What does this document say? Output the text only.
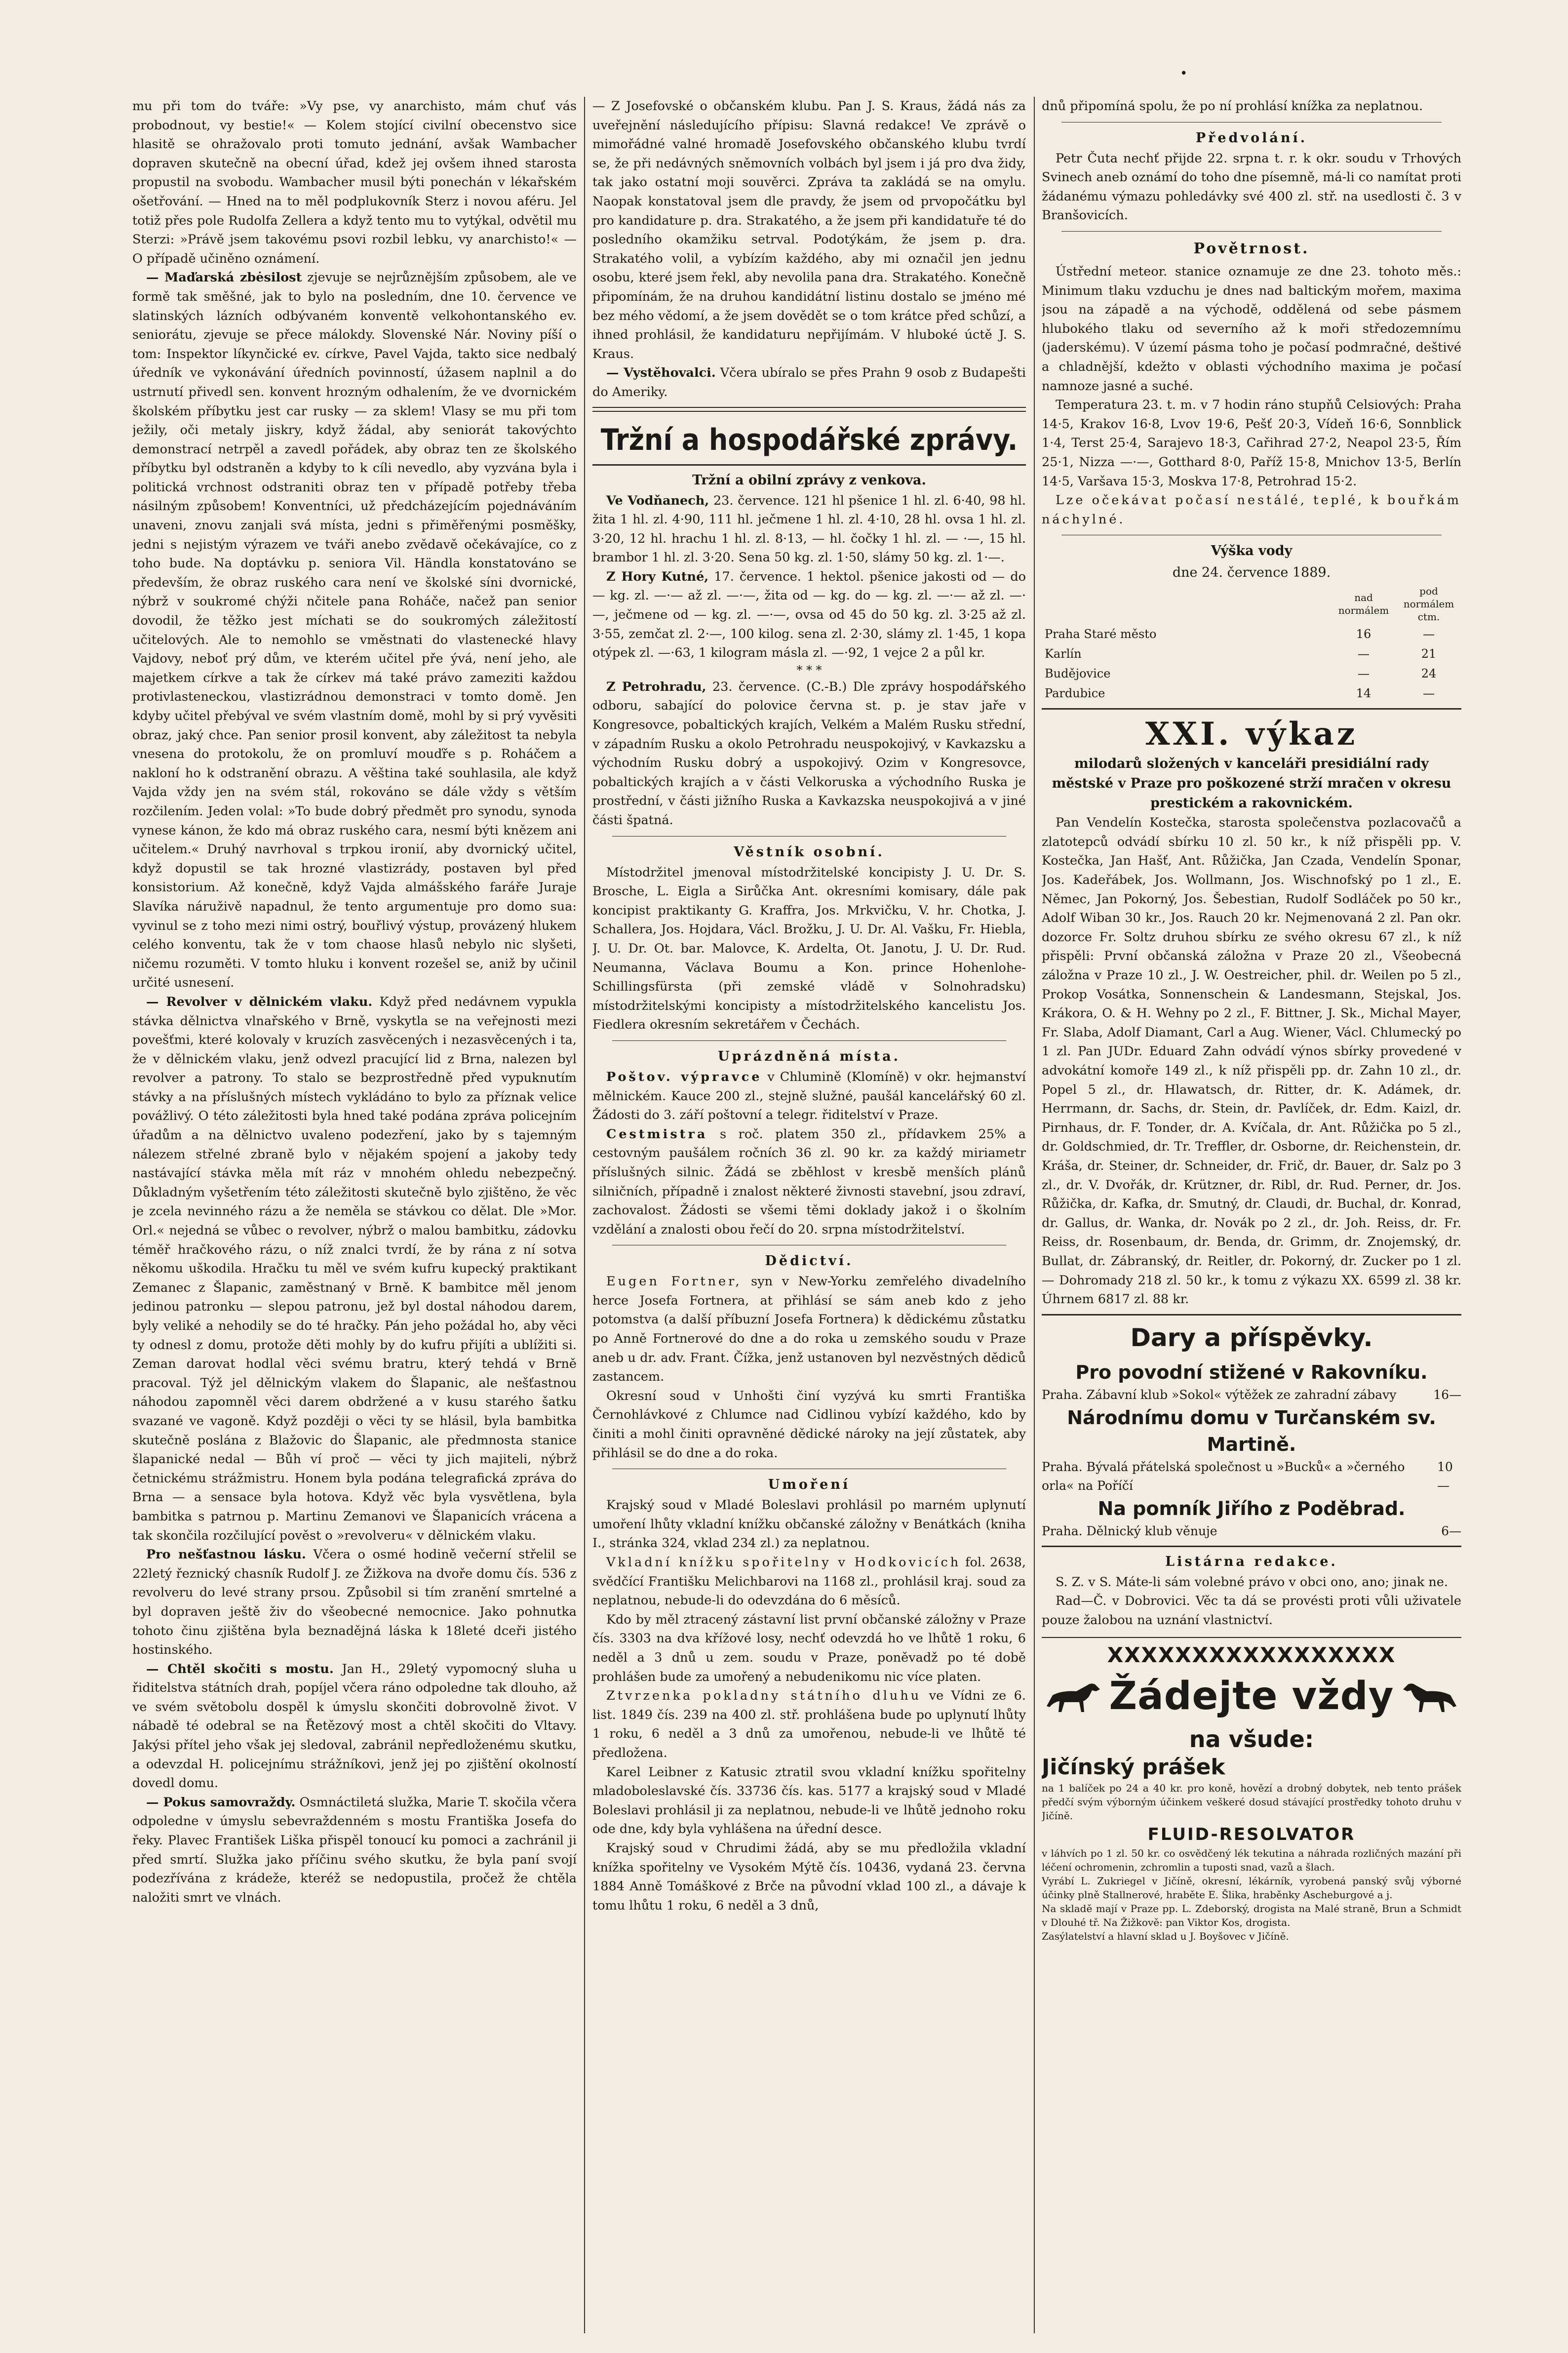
•

mu při tom do tváře: »Vy pse, vy anarchisto, mám chuť vás probodnout, vy bestie!« — Kolem stojící civilní obecenstvo sice hlasitě se ohražovalo proti tomuto jednání, avšak Wambacher dopraven skutečně na obecní úřad, kdež jej ovšem ihned starosta propustil na svobodu. Wambacher musil býti ponechán v lékařském ošetřování. — Hned na to měl podplukovník Sterz i novou aféru. Jel totiž přes pole Rudolfa Zellera a když tento mu to vytýkal, odvětil mu Sterzi: »Právě jsem takovému psovi rozbil lebku, vy anarchisto!« — O případě učiněno oznámení.

— Maďarská zbėsilost zjevuje se nejrůznějším způsobem, ale ve formě tak směšné, jak to bylo na posledním, dne 10. července ve slatinských lázních odbývaném konventě velkohontanského ev. seniorátu, zjevuje se přece málokdy. Slovenské Nár. Noviny píší o tom: Inspektor líkynčické ev. církve, Pavel Vajda, takto sice nedbalý úředník ve vykonávání úředních povinností, úžasem naplnil a do ustrnutí přivedl sen. konvent hrozným odhalením, že ve dvornickém školském příbytku jest car rusky — za sklem! Vlasy se mu při tom ježily, oči metaly jiskry, když žádal, aby seniorát takovýchto demonstrací netrpěl a zavedl pořádek, aby obraz ten ze školského příbytku byl odstraněn a kdyby to k cíli nevedlo, aby vyzvána byla i politická vrchnost odstraniti obraz ten v případě potřeby třeba násilným způsobem! Konventníci, už předcházejícím pojednáváním unaveni, znovu zanjali svá místa, jedni s přiměřenými posměšky, jedni s nejistým výrazem ve tváři anebo zvědavě očekávajíce, co z toho bude. Na doptávku p. seniora Vil. Händla konstatováno se především, že obraz ruského cara není ve školské síni dvornické, nýbrž v soukromé chýži nčitele pana Roháče, načež pan senior dovodil, že těžko jest míchati se do soukromých záležitostí učitelových. Ale to nemohlo se vměstnati do vlastenecké hlavy Vajdovy, neboť prý dům, ve kterém učitel pře ývá, není jeho, ale majetkem církve a tak že církev má také právo zameziti každou protivlasteneckou, vlastizrádnou demonstraci v tomto domě. Jen kdyby učitel přebýval ve svém vlastním domě, mohl by si prý vyvěsiti obraz, jaký chce. Pan senior prosil konvent, aby záležitost ta nebyla vnesena do protokolu, že on promluví mouďře s p. Roháčem a nakloní ho k odstranění obrazu. A věština také souhlasila, ale když Vajda vždy jen na svém stál, rokováno se dále vždy s větším rozčilením. Jeden volal: »To bude dobrý předmět pro synodu, synoda vynese kánon, že kdo má obraz ruského cara, nesmí býti knězem ani učitelem.« Druhý navrhoval s trpkou ironií, aby dvornický učitel, když dopustil se tak hrozné vlastizrády, postaven byl před konsistorium. Až konečně, když Vajda almášského faráře Juraje Slavíka náruživě napadnul, že tento argumentuje pro domo sua: vyvinul se z toho mezi nimi ostrý, bouřlivý výstup, provázený hlukem celého konventu, tak že v tom chaose hlasů nebylo nic slyšeti, ničemu rozuměti. V tomto hluku i konvent rozešel se, aniž by učinil určité usnesení.

— Revolver v dělnickém vlaku. Když před nedávnem vypukla stávka dělnictva vlnařského v Brně, vyskytla se na veřejnosti mezi povešťmi, které kolovaly v kruzích zasvěcených i nezasvěcených i ta, že v dělnickém vlaku, jenž odvezl pracující lid z Brna, nalezen byl revolver a patrony. To stalo se bezprostředně před vypuknutím stávky a na příslušných místech vykládáno to bylo za příznak velice povážlivý. O této záležitosti byla hned také podána zpráva policejním úřadům a na dělnictvo uvaleno podezření, jako by s tajemným nálezem střelné zbraně bylo v nějakém spojení a jakoby tedy nastávající stávka měla mít ráz v mnohém ohledu nebezpečný. Důkladným vyšetřením této záležitosti skutečně bylo zjištěno, že věc je zcela nevinného rázu a že neměla se stávkou co dělat. Dle »Mor. Orl.« nejedná se vůbec o revolver, nýbrž o malou bambitku, zádovku téměř hračkového rázu, o níž znalci tvrdí, že by rána z ní sotva někomu uškodila. Hračku tu měl ve svém kufru kupecký praktikant Zemanec z Šlapanic, zaměstnaný v Brně. K bambitce měl jenom jedinou patronku — slepou patronu, jež byl dostal náhodou darem, byly veliké a nehodily se do té hračky. Pán jeho požádal ho, aby věci ty odnesl z domu, protože děti mohly by do kufru přijíti a ublížiti si. Zeman darovat hodlal věci svému bratru, který tehdá v Brně pracoval. Týž jel dělnickým vlakem do Šlapanic, ale nešťastnou náhodou zapomněl věci darem obdržené a v kusu starého šatku svazané ve vagoně. Když později o věci ty se hlásil, byla bambitka skutečně poslána z Blažovic do Šlapanic, ale předmnosta stanice šlapanické nedal — Bůh ví proč — věci ty jich majiteli, nýbrž četnickému strážmistru. Honem byla podána telegrafická zpráva do Brna — a sensace byla hotova. Když věc byla vysvětlena, byla bambitka s patrnou p. Martinu Zemanovi ve Šlapanicích vrácena a tak skončila rozčilující pověst o »revolveru« v dělnickém vlaku.

Pro nešťastnou lásku. Včera o osmé hodině večerní střelil se 22letý řeznický chasník Rudolf J. ze Žižkova na dvoře domu čís. 536 z revolveru do levé strany prsou. Způsobil si tím zranění smrtelné a byl dopraven ještě živ do všeobecné nemocnice. Jako pohnutka tohoto činu zjištěna byla beznadějná láska k 18leté dceři jistého hostinského.

— Chtěl skočiti s mostu. Jan H., 29letý vypomocný sluha u řiditelstva státních drah, popíjel včera ráno odpoledne tak dlouho, až ve svém světobolu dospěl k úmyslu skončiti dobrovolně život. V nábadě té odebral se na Řetězový most a chtěl skočiti do Vltavy. Jakýsi přítel jeho však jej sledoval, zabránil nepředloženému skutku, a odevzdal H. policejnímu strážníkovi, jenž jej po zjištění okolností dovedl domu.

— Pokus samovraždy. Osmnáctiletá služka, Marie T. skočila včera odpoledne v úmyslu sebevraždenném s mostu Františka Josefa do řeky. Plavec František Liška přispěl tonoucí ku pomoci a zachránil ji před smrtí. Služka jako příčinu svého skutku, že byla paní svojí podezřívána z krádeže, kteréž se nedopustila, pročež že chtěla naložiti smrt ve vlnách.

— Z Josefovské o občanském klubu. Pan J. S. Kraus, žádá nás za uveřejnění následujícího přípisu: Slavná redakce! Ve zprávě o mimořádné valné hromadě Josefovského občanského klubu tvrdí se, že při nedávných sněmovních volbách byl jsem i já pro dva židy, tak jako ostatní moji souvěrci. Zpráva ta zakládá se na omylu. Naopak konstatoval jsem dle pravdy, že jsem od prvopočátku byl pro kandidature p. dra. Strakatého, a že jsem při kandidatuře té do posledního okamžiku setrval. Podotýkám, že jsem p. dra. Strakatého volil, a vybízím každého, aby mi označil jen jednu osobu, které jsem řekl, aby nevolila pana dra. Strakatého. Konečně připomínám, že na druhou kandidátní listinu dostalo se jméno mé bez mého vědomí, a že jsem dovědět se o tom krátce před schůzí, a ihned prohlásil, že kandidaturu nepřijímám. V hluboké úctě J. S. Kraus.

— Vystěhovalci. Včera ubíralo se přes Prahn 9 osob z Budapešti do Ameriky.

Tržní a hospodářské zprávy.
Tržní a obilní zprávy z venkova.

Ve Vodňanech, 23. července. 121 hl pšenice 1 hl. zl. 6·40, 98 hl. žita 1 hl. zl. 4·90, 111 hl. ječmene 1 hl. zl. 4·10, 28 hl. ovsa 1 hl. zl. 3·20, 12 hl. hrachu 1 hl. zl. 8·13, — hl. čočky 1 hl. zl. — ·—, 15 hl. brambor 1 hl. zl. 3·20. Sena 50 kg. zl. 1·50, slámy 50 kg. zl. 1·—.

Z Hory Kutné, 17. července. 1 hektol. pšenice jakosti od — do — kg. zl. —·— až zl. —·—, žita od — kg. do — kg. zl. —·— až zl. —·—, ječmene od — kg. zl. —·—, ovsa od 45 do 50 kg. zl. 3·25 až zl. 3·55, zemčat zl. 2·—, 100 kilog. sena zl. 2·30, slámy zl. 1·45, 1 kopa otýpek zl. —·63, 1 kilogram másla zl. —·92, 1 vejce 2 a půl kr.

* * *

Z Petrohradu, 23. července. (C.-B.) Dle zprávy hospodářského odboru, sabající do polovice června st. p. je stav jaře v Kongresovce, pobaltických krajích, Velkém a Malém Rusku střední, v západním Rusku a okolo Petrohradu neuspokojivý, v Kavkazsku a východním Rusku dobrý a uspokojivý. Ozim v Kongresovce, pobaltických krajích a v části Velkoruska a východního Ruska je prostřední, v části jižního Ruska a Kavkazska neuspokojivá a v jiné části špatná.

Věstník osobní.

Místodržitel jmenoval místodržitelské koncipisty J. U. Dr. S. Broschе, L. Eigla a Sirůčka Ant. okresními komisary, dále pak koncipist praktikanty G. Kraffra, Jos. Mrkvičku, V. hr. Chotka, J. Schallera, Jos. Hojdara, Václ. Brožku, J. U. Dr. Al. Vašku, Fr. Hiebla, J. U. Dr. Ot. bar. Malovce, K. Ardelta, Ot. Janotu, J. U. Dr. Rud. Neumanna, Václava Boumu a Kon. prince Hohenlohe-Schillingsfürsta (při zemské vládě v Solnohradsku) místodržitelskými koncipisty a místodržitelského kancelistu Jos. Fiedlera okresním sekretářem v Čechách.

Uprázdněná místa.

Poštov. výpravce v Chlumině (Klomíně) v okr. hejmanství mělnickém. Kauce 200 zl., stejně služné, paušál kancelářský 60 zl. Žádosti do 3. září poštovní a telegr. řiditelství v Praze.

Cestmistra s roč. platem 350 zl., přídavkem 25% a cestovným paušálem ročních 36 zl. 90 kr. za každý miriametr příslušných silnic. Žádá se zběhlost v kresbě menších plánů silničních, případně i znalost některé živnosti stavební, jsou zdraví, zachovalost. Žádosti se všemi těmi doklady jakož i o školním vzdělání a znalosti obou řečí do 20. srpna místodržitelství.

Dědictví.

Eugen Fortner, syn v New-Yorku zemřelého divadelního herce Josefa Fortnera, at přihlásí se sám aneb kdo z jeho potomstva (a další příbuzní Josefa Fortnera) k dědickému zůstatku po Anně Fortnerové do dne a do roka u zemského soudu v Praze aneb u dr. adv. Frant. Čížka, jenž ustanoven byl nezvěstných dědiců zastancem.

Okresní soud v Unhošti činí vyzývá ku smrti Františka Černohlávkové z Chlumce nad Cidlinou vybízí každého, kdo by činiti a mohl činiti opravněné dědické nároky na její zůstatek, aby přihlásil se do dne a do roka.

Umoření

Krajský soud v Mladé Boleslavi prohlásil po marném uplynutí umoření lhůty vkladní knížku občanské záložny v Benátkách (kniha I., stránka 324, vklad 234 zl.) za neplatnou.

Vkladní knížku spořitelny v Hodkovicích fol. 2638, svědčící Františku Melichbarovi na 1168 zl., prohlásil kraj. soud za neplatnou, nebude-li do odevzdána do 6 měsíců.

Kdo by měl ztracený zástavní list první občanské záložny v Praze čís. 3303 na dva křížové losy, nechť odevzdá ho ve lhůtě 1 roku, 6 neděl a 3 dnů u zem. soudu v Praze, poněvadž po té době prohlášen bude za umořený a nebudenikomu nic více platen.

Ztvrzenka pokladny státního dluhu ve Vídni ze 6. list. 1849 čís. 239 na 400 zl. stř. prohlášena bude po uplynutí lhůty 1 roku, 6 neděl a 3 dnů za umořenou, nebude-li ve lhůtě té předložena.

Karel Leibner z Katusic ztratil svou vkladní knížku spořitelny mladoboleslavské čís. 33736 čís. kas. 5177 a krajský soud v Mladé Boleslavi prohlásil ji za neplatnou, nebude-li ve lhůtě jednoho roku ode dne, kdy byla vyhlášena na úřední desce.

Krajský soud v Chrudimi žádá, aby se mu předložila vkladní knížka spořitelny ve Vysokém Mýtě čís. 10436, vydaná 23. června 1884 Anně Tomáškové z Brče na původní vklad 100 zl., a dávaje k tomu lhůtu 1 roku, 6 neděl a 3 dnů,

dnů připomíná spolu, že po ní prohlásí knížka za neplatnou.

Předvolání.

Petr Čuta nechť přijde 22. srpna t. r. k okr. soudu v Trhových Svinech aneb oznámí do toho dne písemně, má-li co namítat proti žádanému výmazu pohledávky své 400 zl. stř. na usedlosti č. 3 v Branšovicích.

Povětrnost.

Ústřední meteor. stanice oznamuje ze dne 23. tohoto měs.: Minimum tlaku vzduchu je dnes nad baltickým mořem, maxima jsou na západě a na východě, oddělená od sebe pásmem hlubokého tlaku od severního až k moři středozemnímu (jaderskému). V území pásma toho je počasí podmračné, deštivé a chladnější, kdežto v oblasti východního maxima je počasí namnoze jasné a suché.

Temperatura 23. t. m. v 7 hodin ráno stupňů Celsiových: Praha 14·5, Krakov 16·8, Lvov 19·6, Pešť 20·3, Vídeň 16·6, Sonnblick 1·4, Terst 25·4, Sarajevo 18·3, Cařihrad 27·2, Neapol 23·5, Řím 25·1, Nizza —·—, Gotthard 8·0, Paříž 15·8, Mnichov 13·5, Berlín 14·5, Varšava 15·3, Moskva 17·8, Petrohrad 15·2.

Lze očekávat počasí nestálé, teplé, k bouřkám náchylné.

Výška vody
dne 24. července 1889.
	nad normálem	pod normálem ctm.
Praha Staré město	16	—
Karlín	—	21
Budějovice	—	24
Pardubice	14	—
XXI. výkaz
milodarů složených v kanceláři presidiální rady městské v Praze pro poškozené strží mračen v okresu prestickém a rakovnickém.

Pan Vendelín Kostečka, starosta společenstva pozlacovačů a zlatotepců odvádí sbírku 10 zl. 50 kr., k níž přispěli pp. V. Kostečka, Jan Hašť, Ant. Růžička, Jan Czada, Vendelín Sponar, Jos. Kadeřábek, Jos. Wollmann, Jos. Wischnofský po 1 zl., E. Němec, Jan Pokorný, Jos. Šebestian, Rudolf Sodláček po 50 kr., Adolf Wiban 30 kr., Jos. Rauch 20 kr. Nejmenovaná 2 zl. Pan okr. dozorce Fr. Soltz druhou sbírku ze svého okresu 67 zl., k níž přispěli: První občanská záložna v Praze 20 zl., Všeobecná záložna v Praze 10 zl., J. W. Oestreicher, phil. dr. Weilen po 5 zl., Prokop Vosátka, Sonnenschein & Landesmann, Stejskal, Jos. Krákora, O. & H. Wehny po 2 zl., F. Bittner, J. Sk., Michal Mayer, Fr. Slaba, Adolf Diamant, Carl a Aug. Wiener, Václ. Chlumecký po 1 zl. Pan JUDr. Eduard Zahn odvádí výnos sbírky provedené v advokátní komoře 149 zl., k níž přispěli pp. dr. Zahn 10 zl., dr. Popel 5 zl., dr. Hlawatsch, dr. Ritter, dr. K. Adámek, dr. Herrmann, dr. Sachs, dr. Stein, dr. Pavlíček, dr. Edm. Kaizl, dr. Pirnhaus, dr. F. Tonder, dr. A. Kvíčala, dr. Ant. Růžička po 5 zl., dr. Goldschmied, dr. Tr. Treffler, dr. Osborne, dr. Reichenstein, dr. Kráša, dr. Steiner, dr. Schneider, dr. Frič, dr. Bauer, dr. Salz po 3 zl., dr. V. Dvořák, dr. Krützner, dr. Ribl, dr. Rud. Perner, dr. Jos. Růžička, dr. Kafka, dr. Smutný, dr. Claudi, dr. Buchal, dr. Konrad, dr. Gallus, dr. Wanka, dr. Novák po 2 zl., dr. Joh. Reiss, dr. Fr. Reiss, dr. Rosenbaum, dr. Benda, dr. Grimm, dr. Znojemský, dr. Bullat, dr. Zábranský, dr. Reitler, dr. Pokorný, dr. Zucker po 1 zl. — Dohromady 218 zl. 50 kr., k tomu z výkazu XX. 6599 zl. 38 kr. Úhrnem 6817 zl. 88 kr.

Dary a příspěvky.
Pro povodní stižené v Rakovníku.
Praha. Zábavní klub »Sokol« výtěžek ze zahradní zábavy	16—
Národnímu domu v Turčanském sv. Martině.
Praha. Bývalá přátelská společnost u »Bucků« a »černého orla« na Poříčí
10—
Na pomník Jiřího z Poděbrad.
Praha. Dělnický klub věnuje	6—
Listárna redakce.

S. Z. v S. Máte-li sám volebné právo v obci ono, ano; jinak ne.

Rad—Č. v Dobrovici. Věc ta dá se provésti proti vůli uživatele pouze žalobou na uznání vlastnictví.

XXXXXXXXXXXXXXXXX
Žádejte vždy
na všude:
Jičínský prášek
na 1 balíček po 24 a 40 kr. pro koně, hovězí a drobný dobytek, neb tento prášek předčí svým výborným účinkem veškeré dosud stávající prostředky tohoto druhu v Jičíně.
FLUID-RESOLVATOR
v láhvích po 1 zl. 50 kr. co osvědčený lék tekutina a náhrada rozličných mazání při léčení ochromenin, zchromlin a tuposti snad, vazů a šlach.
Vyrábí L. Zukriegel v Jičíně, okresní, lékárník, vyrobená panský svůj výborné účinky plně Stallnerové, hraběte E. Šlika, hraběnky Ascheburgové a j.
Na skladě mají v Praze pp. L. Zdeborský, drogista na Malé straně, Brun a Schmidt v Dlouhé tř. Na Žižkově: pan Viktor Kos, drogista.
Zasýlatelství a hlavní sklad u J. Boyšovec v Jičíně.
